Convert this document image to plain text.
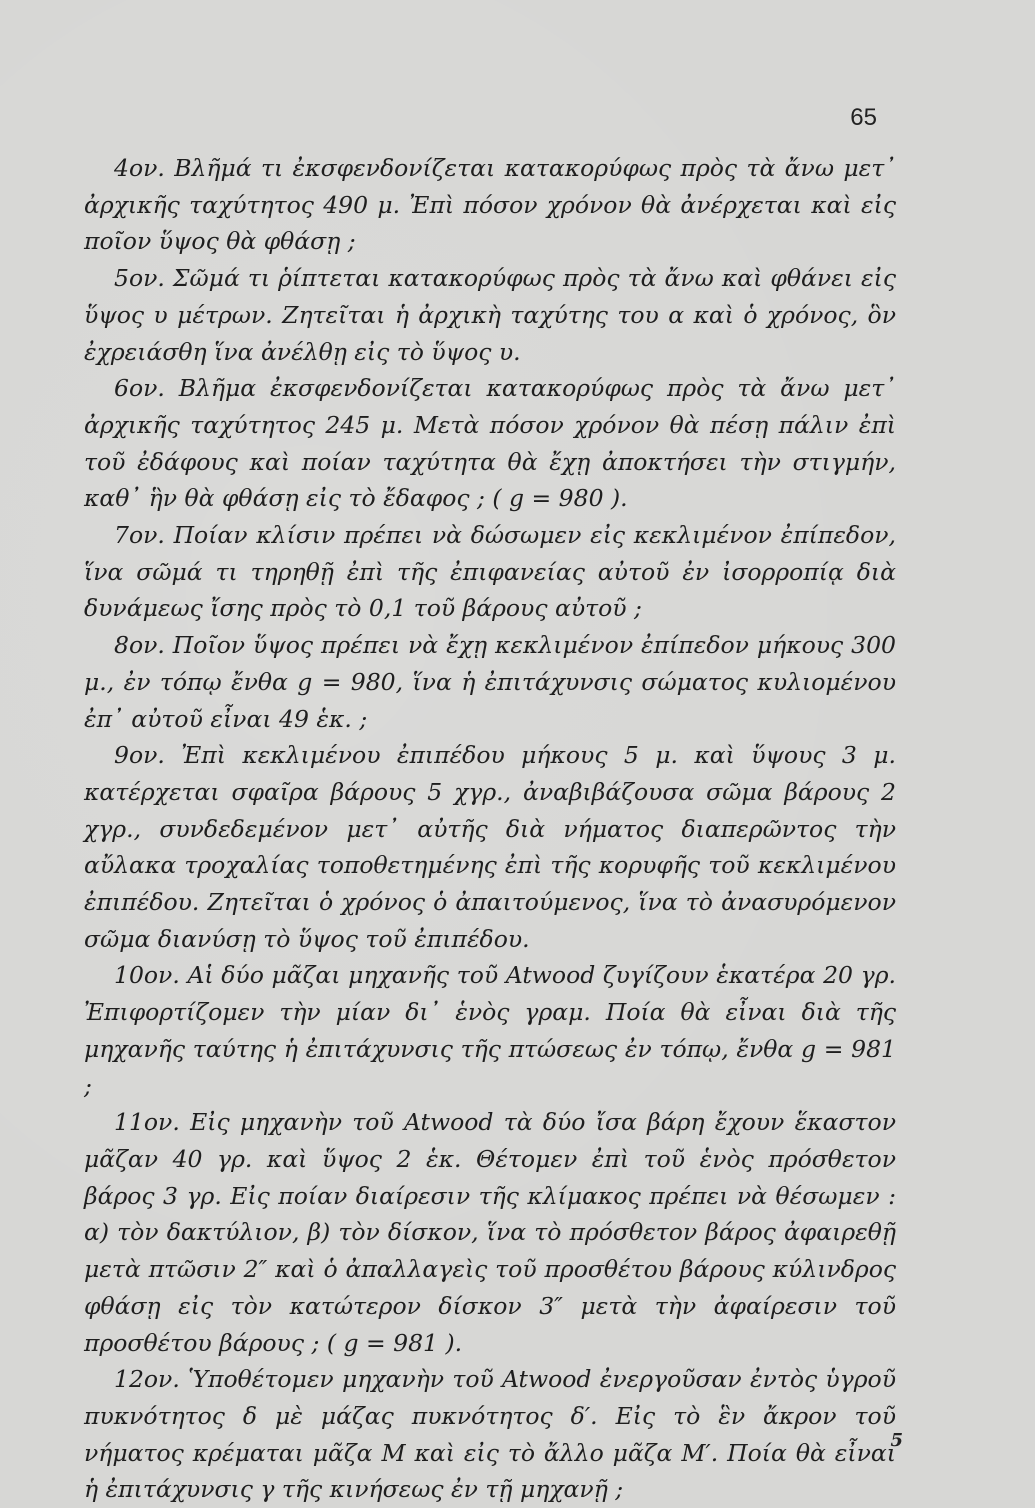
65

4ον. Βλῆμά τι ἐκσφενδονίζεται κατακορύφως πρὸς τὰ ἄνω μετ᾽ ἀρχικῆς ταχύτητος 490 μ. Ἐπὶ πόσον χρόνον θὰ ἀνέρχεται καὶ εἰς ποῖον ὕψος θὰ φθάσῃ ;

5ον. Σῶμά τι ῥίπτεται κατακορύφως πρὸς τὰ ἄνω καὶ φθάνει εἰς ὕψος υ μέτρων. Ζητεῖται ἡ ἀρχικὴ ταχύτης του α καὶ ὁ χρόνος, ὃν ἐχρειάσθη ἵνα ἀνέλθῃ εἰς τὸ ὕψος υ.

6ον. Βλῆμα ἐκσφενδονίζεται κατακορύφως πρὸς τὰ ἄνω μετ᾽ ἀρχικῆς ταχύτητος 245 μ. Μετὰ πόσον χρόνον θὰ πέσῃ πάλιν ἐπὶ τοῦ ἐδάφους καὶ ποίαν ταχύτητα θὰ ἔχῃ ἀποκτήσει τὴν στιγμήν, καθ᾽ ἣν θὰ φθάσῃ εἰς τὸ ἔδαφος ; ( g = 980 ).

7ον. Ποίαν κλίσιν πρέπει νὰ δώσωμεν εἰς κεκλιμένον ἐπίπεδον, ἵνα σῶμά τι τηρηθῇ ἐπὶ τῆς ἐπιφανείας αὐτοῦ ἐν ἰσορροπίᾳ διὰ δυνάμεως ἴσης πρὸς τὸ 0,1 τοῦ βάρους αὐτοῦ ;

8ον. Ποῖον ὕψος πρέπει νὰ ἔχῃ κεκλιμένον ἐπίπεδον μήκους 300 μ., ἐν τόπῳ ἔνθα g = 980, ἵνα ἡ ἐπιτάχυνσις σώματος κυλιομένου ἐπ᾽ αὐτοῦ εἶναι 49 ἑκ. ;

9ον. Ἐπὶ κεκλιμένου ἐπιπέδου μήκους 5 μ. καὶ ὕψους 3 μ. κατέρχεται σφαῖρα βάρους 5 χγρ., ἀναβιβάζουσα σῶμα βάρους 2 χγρ., συνδεδεμένον μετ᾽ αὐτῆς διὰ νήματος διαπερῶντος τὴν αὔλακα τροχαλίας τοποθετημένης ἐπὶ τῆς κορυφῆς τοῦ κεκλιμένου ἐπιπέδου. Ζητεῖται ὁ χρόνος ὁ ἀπαιτούμενος, ἵνα τὸ ἀνασυρόμενον σῶμα διανύσῃ τὸ ὕψος τοῦ ἐπιπέδου.

10ον. Αἱ δύο μᾶζαι μηχανῆς τοῦ Atwood ζυγίζουν ἑκατέρα 20 γρ. Ἐπιφορτίζομεν τὴν μίαν δι᾽ ἑνὸς γραμ. Ποία θὰ εἶναι διὰ τῆς μηχανῆς ταύτης ἡ ἐπιτάχυνσις τῆς πτώσεως ἐν τόπῳ, ἔνθα g = 981 ;

11ον. Εἰς μηχανὴν τοῦ Atwood τὰ δύο ἴσα βάρη ἔχουν ἕκαστον μᾶζαν 40 γρ. καὶ ὕψος 2 ἑκ. Θέτομεν ἐπὶ τοῦ ἑνὸς πρόσθετον βάρος 3 γρ. Εἰς ποίαν διαίρεσιν τῆς κλίμακος πρέπει νὰ θέσωμεν : α) τὸν δακτύλιον, β) τὸν δίσκον, ἵνα τὸ πρόσθετον βάρος ἀφαιρεθῇ μετὰ πτῶσιν 2″ καὶ ὁ ἀπαλλαγεὶς τοῦ προσθέτου βάρους κύλινδρος φθάσῃ εἰς τὸν κατώτερον δίσκον 3″ μετὰ τὴν ἀφαίρεσιν τοῦ προσθέτου βάρους ; ( g = 981 ).

12ον. Ὑποθέτομεν μηχανὴν τοῦ Atwood ἐνεργοῦσαν ἐντὸς ὑγροῦ πυκνότητος δ μὲ μάζας πυκνότητος δ′. Εἰς τὸ ἓν ἄκρον τοῦ νήματος κρέμαται μᾶζα Μ καὶ εἰς τὸ ἄλλο μᾶζα Μ′. Ποία θὰ εἶναι ἡ ἐπιτάχυνσις γ τῆς κινήσεως ἐν τῇ μηχανῇ ;

5
